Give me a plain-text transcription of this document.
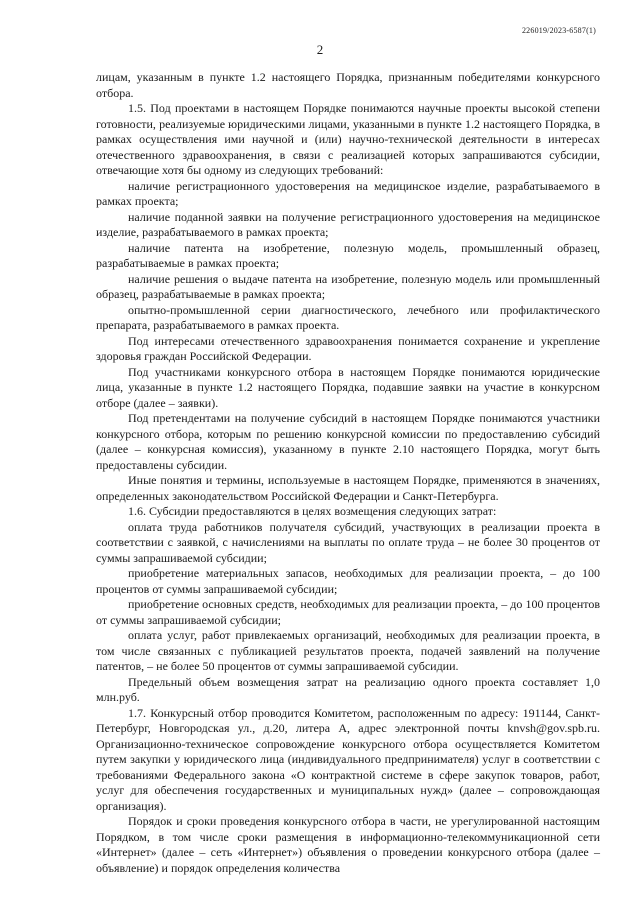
226019/2023-6587(1)
2

лицам, указанным в пункте 1.2 настоящего Порядка, признанным победителями конкурсного отбора.

1.5. Под проектами в настоящем Порядке понимаются научные проекты высокой степени готовности, реализуемые юридическими лицами, указанными в пункте 1.2 настоящего Порядка, в рамках осуществления ими научной и (или) научно-технической деятельности в интересах отечественного здравоохранения, в связи с реализацией которых запрашиваются субсидии, отвечающие хотя бы одному из следующих требований:

наличие регистрационного удостоверения на медицинское изделие, разрабатываемого в рамках проекта;

наличие поданной заявки на получение регистрационного удостоверения на медицинское изделие, разрабатываемого в рамках проекта;

наличие патента на изобретение, полезную модель, промышленный образец, разрабатываемые в рамках проекта;

наличие решения о выдаче патента на изобретение, полезную модель или промышленный образец, разрабатываемые в рамках проекта;

опытно-промышленной серии диагностического, лечебного или профилактического препарата, разрабатываемого в рамках проекта.

Под интересами отечественного здравоохранения понимается сохранение и укрепление здоровья граждан Российской Федерации.

Под участниками конкурсного отбора в настоящем Порядке понимаются юридические лица, указанные в пункте 1.2 настоящего Порядка, подавшие заявки на участие в конкурсном отборе (далее – заявки).

Под претендентами на получение субсидий в настоящем Порядке понимаются участники конкурсного отбора, которым по решению конкурсной комиссии по предоставлению субсидий (далее – конкурсная комиссия), указанному в пункте 2.10 настоящего Порядка, могут быть предоставлены субсидии.

Иные понятия и термины, используемые в настоящем Порядке, применяются в значениях, определенных законодательством Российской Федерации и Санкт-Петербурга.

1.6. Субсидии предоставляются в целях возмещения следующих затрат:

оплата труда работников получателя субсидий, участвующих в реализации проекта в соответствии с заявкой, с начислениями на выплаты по оплате труда – не более 30 процентов от суммы запрашиваемой субсидии;

приобретение материальных запасов, необходимых для реализации проекта, – до 100 процентов от суммы запрашиваемой субсидии;

приобретение основных средств, необходимых для реализации проекта, – до 100 процентов от суммы запрашиваемой субсидии;

оплата услуг, работ привлекаемых организаций, необходимых для реализации проекта, в том числе связанных с публикацией результатов проекта, подачей заявлений на получение патентов, – не более 50 процентов от суммы запрашиваемой субсидии.

Предельный объем возмещения затрат на реализацию одного проекта составляет 1,0 млн.руб.

1.7. Конкурсный отбор проводится Комитетом, расположенным по адресу: 191144, Санкт-Петербург, Новгородская ул., д.20, литера А, адрес электронной почты knvsh@gov.spb.ru. Организационно-техническое сопровождение конкурсного отбора осуществляется Комитетом путем закупки у юридического лица (индивидуального предпринимателя) услуг в соответствии с требованиями Федерального закона «О контрактной системе в сфере закупок товаров, работ, услуг для обеспечения государственных и муниципальных нужд» (далее – сопровождающая организация).

Порядок и сроки проведения конкурсного отбора в части, не урегулированной настоящим Порядком, в том числе сроки размещения в информационно-телекоммуникационной сети «Интернет» (далее – сеть «Интернет») объявления о проведении конкурсного отбора (далее – объявление) и порядок определения количества
